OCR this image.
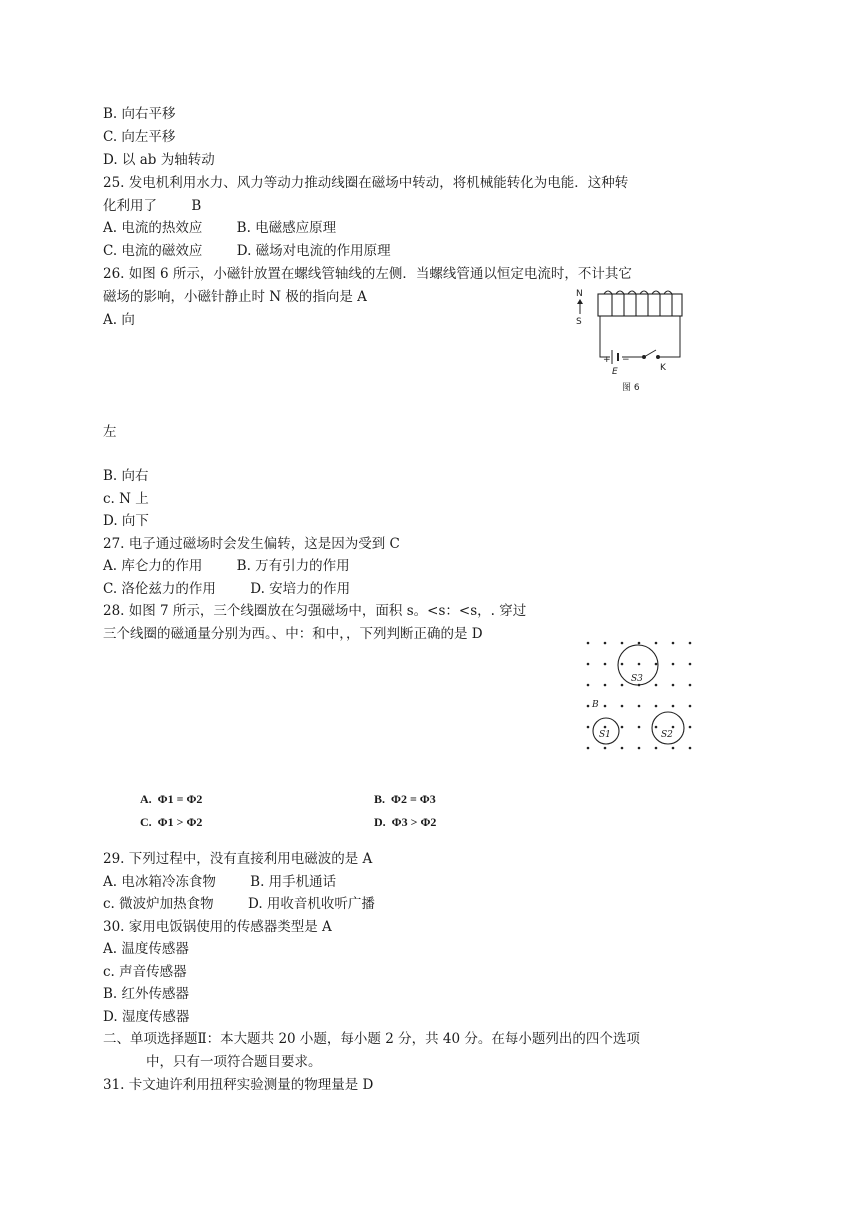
B. 向右平移
C. 向左平移
D. 以 ab 为轴转动
25. 发电机利用水力、风力等动力推动线圈在磁场中转动，将机械能转化为电能．这种转
化利用了        B
A. 电流的热效应        B. 电磁感应原理
C. 电流的磁效应        D. 磁场对电流的作用原理
26. 如图 6 所示，小磁针放置在螺线管轴线的左侧．当螺线管通以恒定电流时，不计其它
磁场的影响，小磁针静止时 N 极的指向是 A
A. 向
左
B. 向右
c. N 上
D. 向下
27. 电子通过磁场时会发生偏转，这是因为受到 C
A. 库仑力的作用        B. 万有引力的作用
C. 洛伦兹力的作用        D. 安培力的作用
28. 如图 7 所示，三个线圈放在匀强磁场中，面积 s。<s：<s，. 穿过
三个线圈的磁通量分别为西。、中：和中，，下列判断正确的是 D
29. 下列过程中，没有直接利用电磁波的是 A
A. 电冰箱冷冻食物        B. 用手机通话
c. 微波炉加热食物        D. 用收音机收听广播
30. 家用电饭锅使用的传感器类型是 A
A. 温度传感器
c. 声音传感器
B. 红外传感器
D. 湿度传感器
二、单项选择题Ⅱ：本大题共 20 小题，每小题 2 分，共 40 分。在每小题列出的四个选项
中，只有一项符合题目要求。
31. 卡文迪许利用扭秤实验测量的物理量是 D
N
S
+ −
E	K
图 6
B
S3
S1	S2
A.  Φ1 = Φ2	B.  Φ2 = Φ3
C.  Φ1 > Φ2	D.  Φ3 > Φ2
